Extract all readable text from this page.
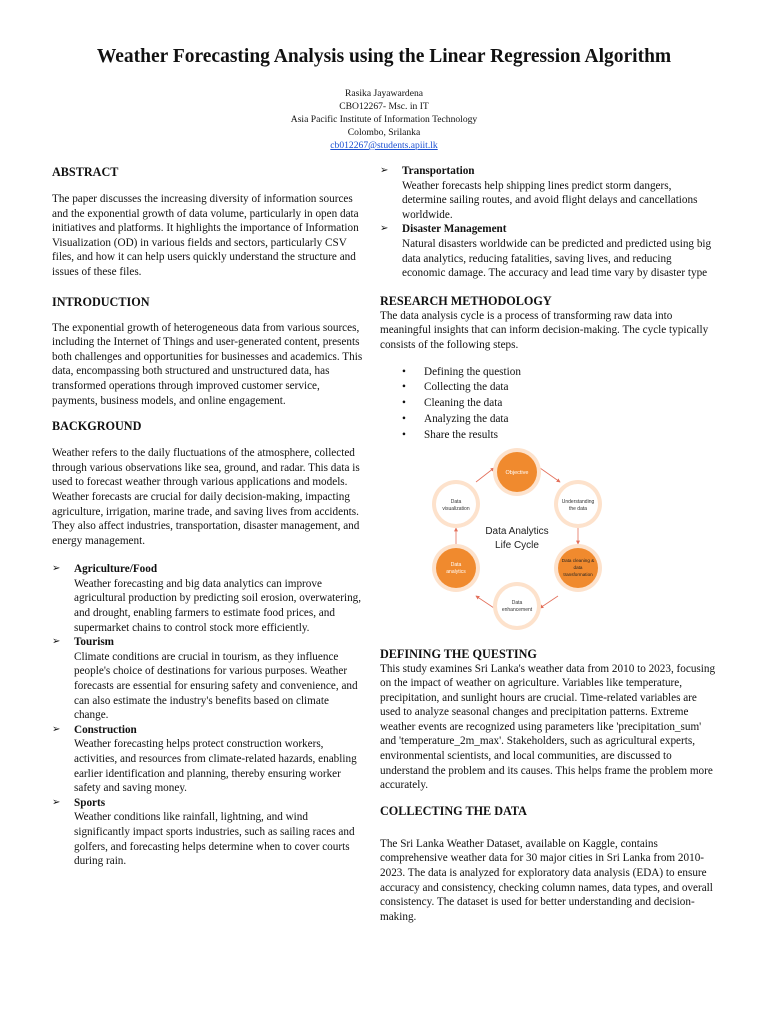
Weather Forecasting Analysis using the Linear Regression Algorithm
Rasika Jayawardena
CBO12267- Msc. in IT
Asia Pacific Institute of Information Technology
Colombo, Srilanka
cb012267@students.apiit.lk
ABSTRACT

The paper discusses the increasing diversity of information sources and the exponential growth of data volume, particularly in open data initiatives and platforms. It highlights the importance of Information Visualization (OD) in various fields and sectors, particularly CSV files, and how it can help users quickly understand the structure and issues of these files.

INTRODUCTION

The exponential growth of heterogeneous data from various sources, including the Internet of Things and user-generated content, presents both challenges and opportunities for businesses and academics. This data, encompassing both structured and unstructured data, has transformed operations through improved customer service, payments, business models, and online engagement.

BACKGROUND

Weather refers to the daily fluctuations of the atmosphere, collected through various observations like sea, ground, and radar. This data is used to forecast weather through various applications and models. Weather forecasts are crucial for daily decision-making, impacting agriculture, irrigation, marine trade, and saving lives from accidents. They also affect industries, transportation, disaster management, and energy management.

➢ Agriculture/Food
Weather forecasting and big data analytics can improve agricultural production by predicting soil erosion, overwatering, and drought, enabling farmers to estimate food prices, and supermarket chains to control stock more efficiently.
➢ Tourism
Climate conditions are crucial in tourism, as they influence people's choice of destinations for various purposes. Weather forecasts are essential for ensuring safety and convenience, and can also estimate the industry's benefits based on climate change.
➢ Construction
Weather forecasting helps protect construction workers, activities, and resources from climate-related hazards, enabling earlier identification and planning, thereby ensuring worker safety and saving money.
➢ Sports
Weather conditions like rainfall, lightning, and wind significantly impact sports industries, such as sailing races and golfers, and forecasting helps determine when to cover courts during rain.
➢ Transportation
Weather forecasts help shipping lines predict storm dangers, determine sailing routes, and avoid flight delays and cancellations worldwide.
➢ Disaster Management
Natural disasters worldwide can be predicted and predicted using big data analytics, reducing fatalities, saving lives, and reducing economic damage. The accuracy and lead time vary by disaster type
RESEARCH METHODOLOGY

The data analysis cycle is a process of transforming raw data into meaningful insights that can inform decision-making. The cycle typically consists of the following steps.

• Defining the question
• Collecting the data
• Cleaning the data
• Analyzing the data
• Share the results
Objective
Understanding
the data
Data cleaning &
data
transformation
Data
enhancement
Data
analytics
Data
visualization
Data Analytics
Life Cycle
DEFINING THE QUESTING

This study examines Sri Lanka's weather data from 2010 to 2023, focusing on the impact of weather on agriculture. Variables like temperature, precipitation, and sunlight hours are crucial. Time-related variables are used to analyze seasonal changes and precipitation patterns. Extreme weather events are recognized using parameters like 'precipitation_sum' and 'temperature_2m_max'. Stakeholders, such as agricultural experts, environmental scientists, and local communities, are discussed to understand the problem and its causes. This helps frame the problem more accurately.

COLLECTING THE DATA

The Sri Lanka Weather Dataset, available on Kaggle, contains comprehensive weather data for 30 major cities in Sri Lanka from 2010-2023. The data is analyzed for exploratory data analysis (EDA) to ensure accuracy and consistency, checking column names, data types, and overall consistency. The dataset is used for better understanding and decision-making.
